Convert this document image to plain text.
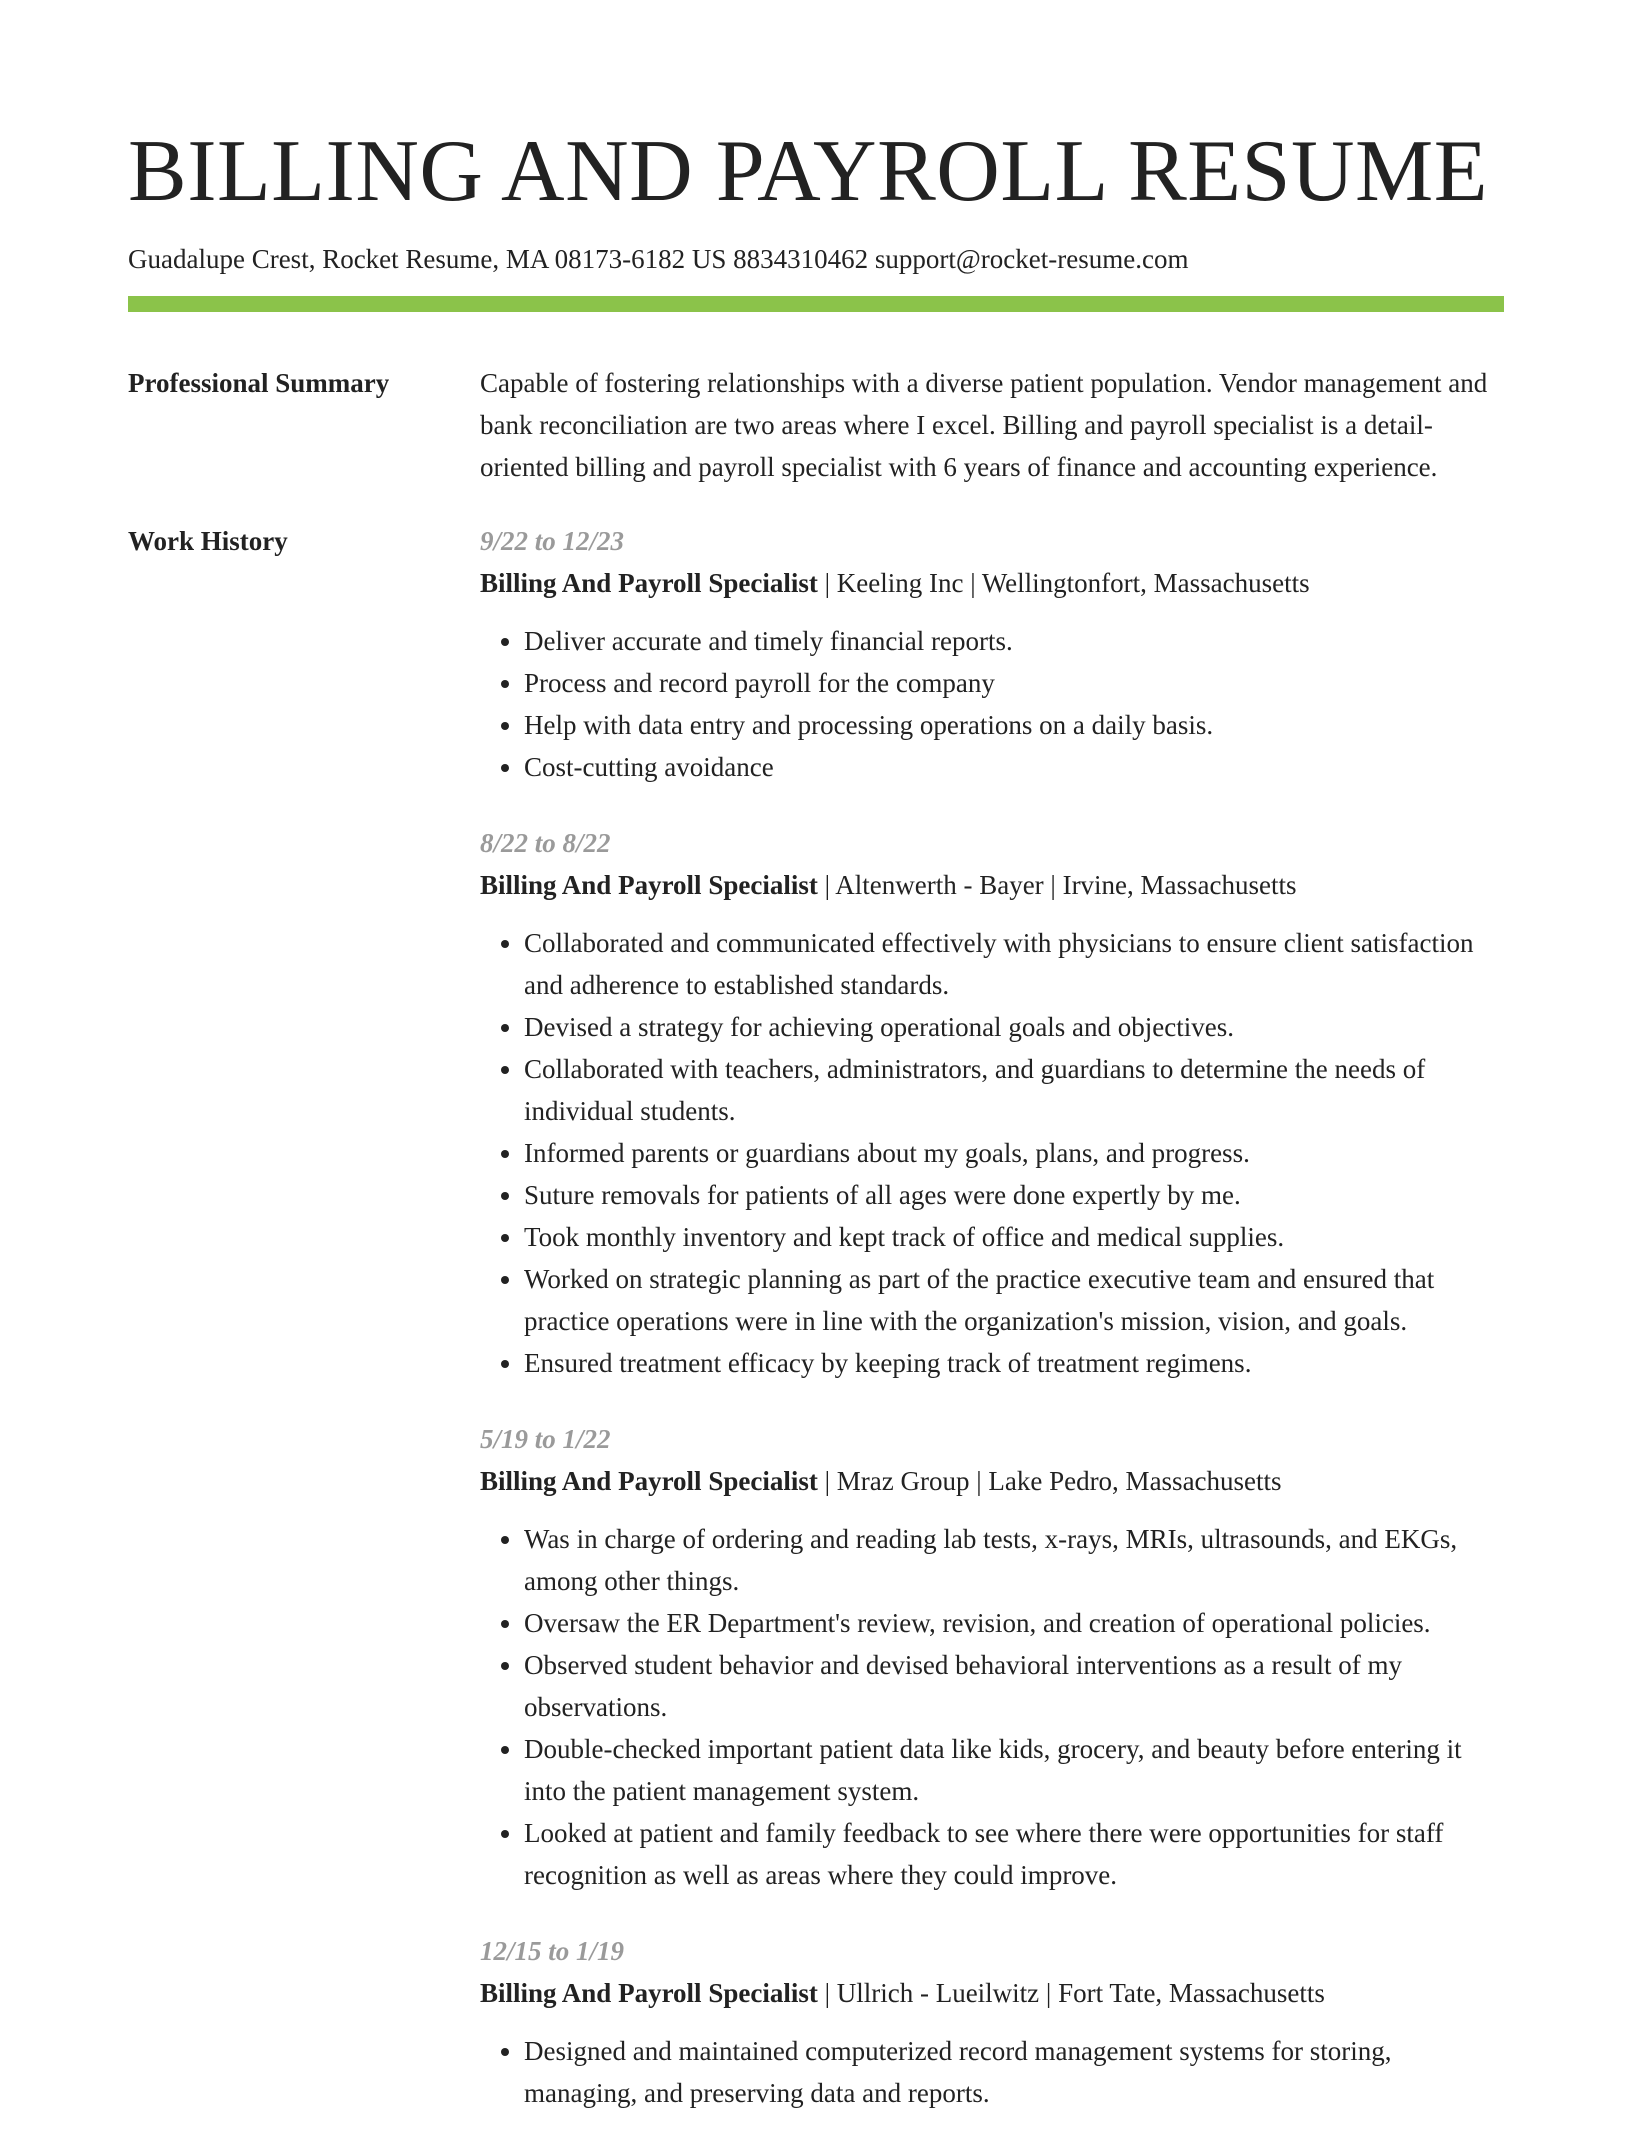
BILLING AND PAYROLL RESUME
Guadalupe Crest, Rocket Resume, MA 08173-6182 US 8834310462 support@rocket-resume.com
Professional Summary	Capable of fostering relationships with a diverse patient population. Vendor management and bank reconciliation are two areas where I excel. Billing and payroll specialist is a detail-oriented billing and payroll specialist with 6 years of finance and accounting experience.
Work History	9/22 to 12/23
Billing And Payroll Specialist | Keeling Inc | Wellingtonfort, Massachusetts
• Deliver accurate and timely financial reports.
• Process and record payroll for the company
• Help with data entry and processing operations on a daily basis.
• Cost-cutting avoidance
8/22 to 8/22
Billing And Payroll Specialist | Altenwerth - Bayer | Irvine, Massachusetts
• Collaborated and communicated effectively with physicians to ensure client satisfaction and adherence to established standards.
• Devised a strategy for achieving operational goals and objectives.
• Collaborated with teachers, administrators, and guardians to determine the needs of individual students.
• Informed parents or guardians about my goals, plans, and progress.
• Suture removals for patients of all ages were done expertly by me.
• Took monthly inventory and kept track of office and medical supplies.
• Worked on strategic planning as part of the practice executive team and ensured that practice operations were in line with the organization's mission, vision, and goals.
• Ensured treatment efficacy by keeping track of treatment regimens.
5/19 to 1/22
Billing And Payroll Specialist | Mraz Group | Lake Pedro, Massachusetts
• Was in charge of ordering and reading lab tests, x-rays, MRIs, ultrasounds, and EKGs, among other things.
• Oversaw the ER Department's review, revision, and creation of operational policies.
• Observed student behavior and devised behavioral interventions as a result of my observations.
• Double-checked important patient data like kids, grocery, and beauty before entering it into the patient management system.
• Looked at patient and family feedback to see where there were opportunities for staff recognition as well as areas where they could improve.
12/15 to 1/19
Billing And Payroll Specialist | Ullrich - Lueilwitz | Fort Tate, Massachusetts
• Designed and maintained computerized record management systems for storing, managing, and preserving data and reports.
